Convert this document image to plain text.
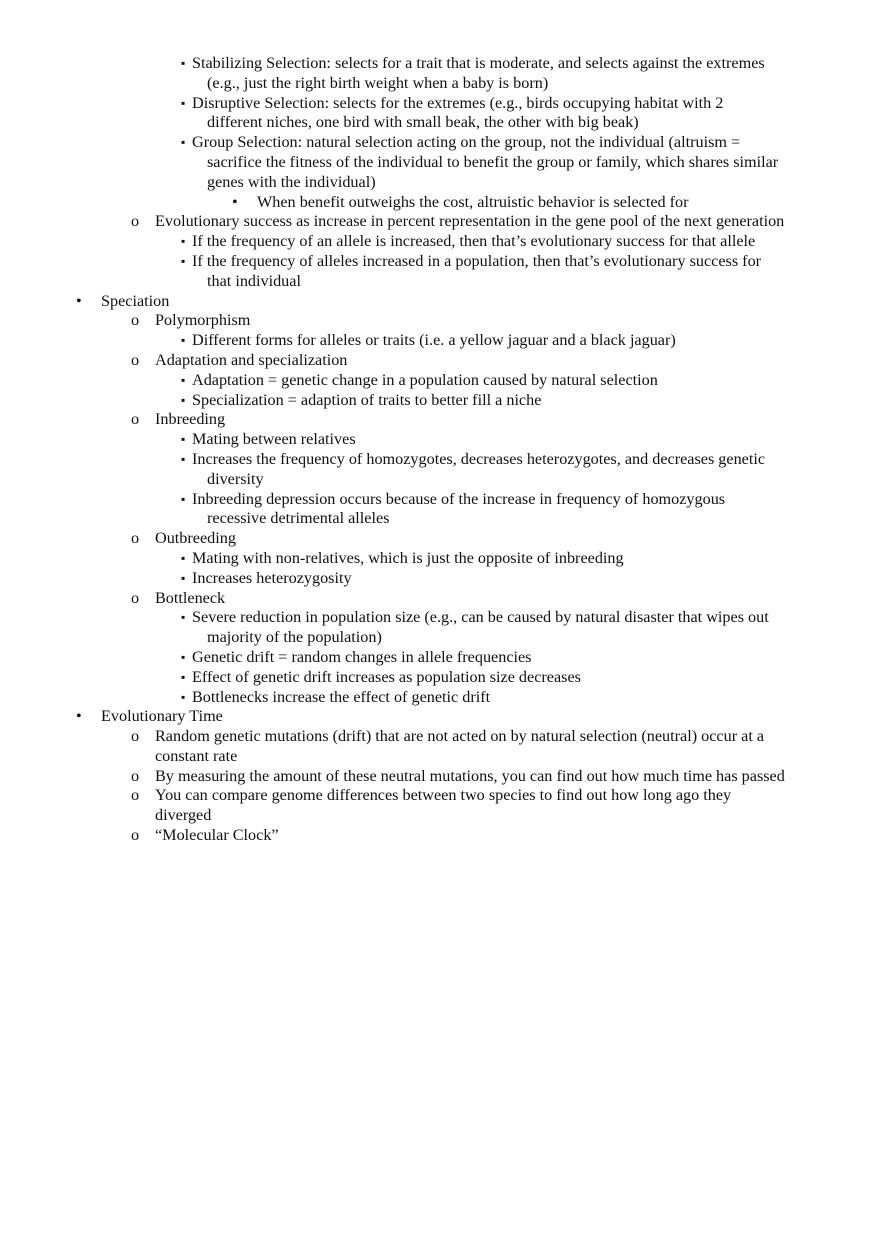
▪ Stabilizing Selection: selects for a trait that is moderate, and selects against the extremes
(e.g., just the right birth weight when a baby is born)
▪ Disruptive Selection: selects for the extremes (e.g., birds occupying habitat with 2
different niches, one bird with small beak, the other with big beak)
▪ Group Selection: natural selection acting on the group, not the individual (altruism =
sacrifice the fitness of the individual to benefit the group or family, which shares similar
genes with the individual)
• When benefit outweighs the cost, altruistic behavior is selected for
o Evolutionary success as increase in percent representation in the gene pool of the next generation
▪ If the frequency of an allele is increased, then that’s evolutionary success for that allele
▪ If the frequency of alleles increased in a population, then that’s evolutionary success for
that individual
• Speciation
o Polymorphism
▪ Different forms for alleles or traits (i.e. a yellow jaguar and a black jaguar)
o Adaptation and specialization
▪ Adaptation = genetic change in a population caused by natural selection
▪ Specialization = adaption of traits to better fill a niche
o Inbreeding
▪ Mating between relatives
▪ Increases the frequency of homozygotes, decreases heterozygotes, and decreases genetic
diversity
▪ Inbreeding depression occurs because of the increase in frequency of homozygous
recessive detrimental alleles
o Outbreeding
▪ Mating with non-relatives, which is just the opposite of inbreeding
▪ Increases heterozygosity
o Bottleneck
▪ Severe reduction in population size (e.g., can be caused by natural disaster that wipes out
majority of the population)
▪ Genetic drift = random changes in allele frequencies
▪ Effect of genetic drift increases as population size decreases
▪ Bottlenecks increase the effect of genetic drift
• Evolutionary Time
o Random genetic mutations (drift) that are not acted on by natural selection (neutral) occur at a
constant rate
o By measuring the amount of these neutral mutations, you can find out how much time has passed
o You can compare genome differences between two species to find out how long ago they
diverged
o “Molecular Clock”
